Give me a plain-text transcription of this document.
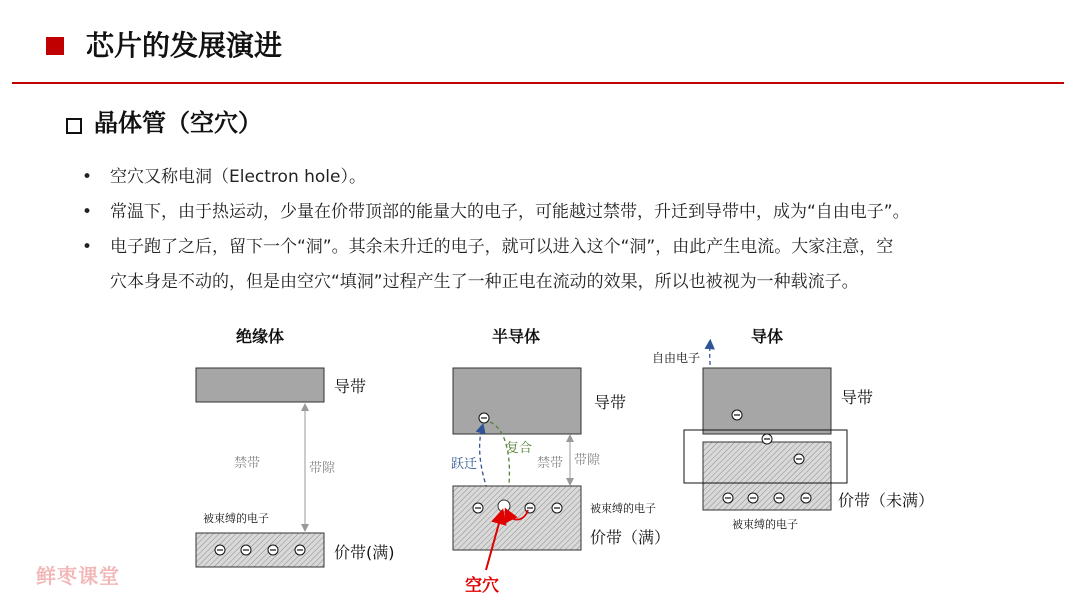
芯片的发展演进
晶体管（空穴）
• 空穴又称电洞（Electron hole）。
• 常温下，由于热运动，少量在价带顶部的能量大的电子，可能越过禁带，升迁到导带中，成为“自由电子”。
• 电子跑了之后，留下一个“洞”。其余未升迁的电子，就可以进入这个“洞”，由此产生电流。大家注意，空
穴本身是不动的，但是由空穴“填洞”过程产生了一种正电在流动的效果，所以也被视为一种载流子。
绝缘体
导带
禁带	带隙
被束缚的电子
价带(满)
半导体
导带
跃迁
复合
禁带 带隙
被束缚的电子
价带（满）
空穴
导体
自由电子
导带
价带（未满）
被束缚的电子
鲜枣课堂
